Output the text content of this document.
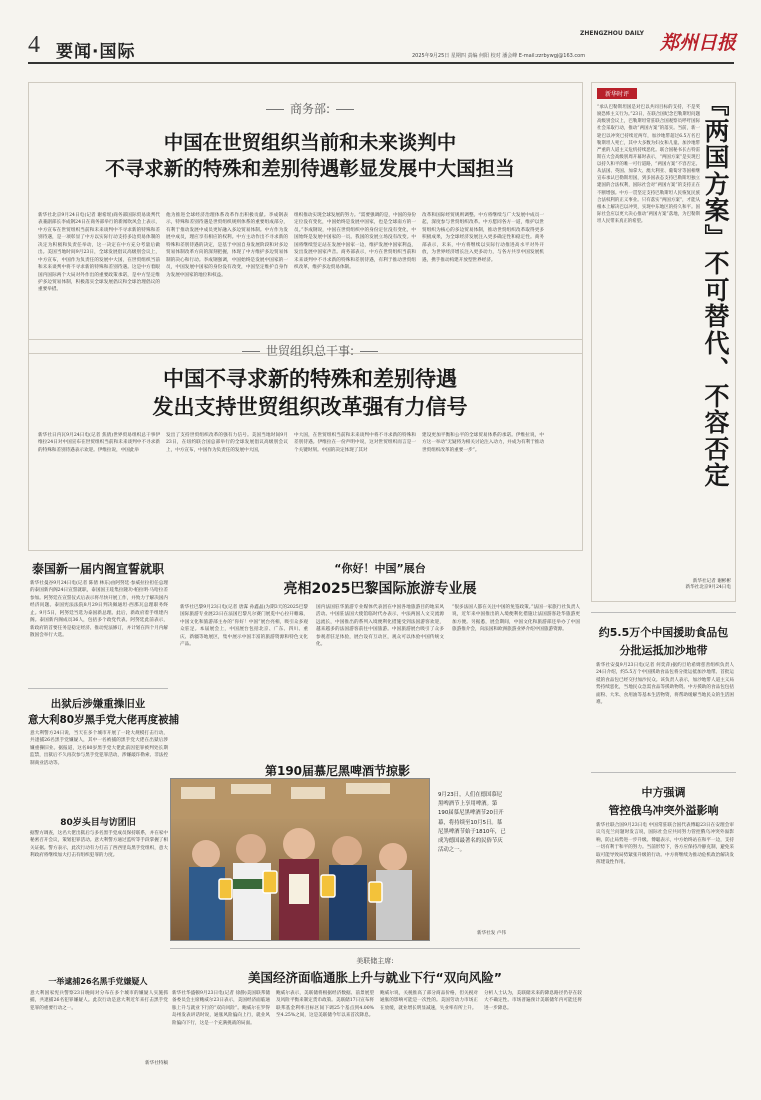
4 要闻·国际
ZHENGZHOU DAILY 郑州日报
2025年9月25日 星期四 责编 何阳 校对 潘会峰 E-mail:zzrbywgj@163.com
商务部:
中国在世贸组织当前和未来谈判中
不寻求新的特殊和差别待遇彰显发展中大国担当
新华社北京9月24日电(记者 谢希瑶)商务部国际贸易谈判代表兼副部长李成钢24日在商务部举行的新闻吹风会上表示，中方宣布在世贸组织当前和未来谈判中不寻求新的特殊和差别待遇，是一项彰显了中方以实际行动支持多边贸易体制的决定为积极和负责任举动，这一决定在中方充分考量后做出。美国当地时间9月23日，全球发展倡议高级别会议上，中方宣布，中国作为负责任的发展中大国，在世贸组织当前和未来谈判中将不寻求新的特殊和差别待遇。这是中方着眼国内国际两个大局对外作出的重要政策承诺，是中方坚定维护多边贸易体制，积极落实全球发展倡议和全球治理倡议的重要举措。
他为推进全球经济治理体系改革作出积极贡献。李成钢表示，特殊和差别待遇是世贸组织规则体系的重要组成部分，有利于推动发展中成员更好融入多边贸易体制。中方作为发展中成员，理应享有相应的权利。中方主动作出不寻求新的特殊和差别待遇的决定，是基于中国自身发展阶段和对多边贸易体制改革方向的深刻把握，体现了中方维护多边贸易体制的决心和行动。李成钢强调，中国始终是发展中国家的一员，中国发展中国家的身份没有改变，中国坚定维护自身作为发展中国家的地位和权益。
组织推动实现全球发展的努力。“需要强调的是，中国的身份定位没有变化，中国始终是发展中国家，也是全球南方的一员。”李成钢说，中国在世贸组织中的身份定位没有变化，中国始终是发展中国家的一员。我国的发展立场没有改变。中国将继续坚定站在发展中国家一边，维护发展中国家利益，发出发展中国家声音。商务部表示，中方在世贸组织当前和未来谈判中不寻求新的特殊和差别待遇，有利于推动世贸组织改革，维护多边贸易体制。
改革和国际经贸规则调整。中方将继续与广大发展中成员一起，深度参与世贸组织改革。中方愿同各方一道，维护以世贸组织为核心的多边贸易体制，推动世贸组织改革取得更多积极成果，为全球经济发展注入更多确定性和稳定性。商务部表示，未来，中方将继续以实际行动推进高水平对外开放，为世界经济增长注入更多动力，与各方共享中国发展机遇，携手推动构建开放型世界经济。
世贸组织总干事:
中国不寻求新的特殊和差别待遇
发出支持世贸组织改革强有力信号
新华社日内瓦9月24日电(记者 焦倩)世界贸易组织总干事伊维拉24日对中国宣布在世贸组织当前和未来谈判中不寻求新的特殊和差别待遇表示欢迎。伊维拉说，中国此举
发出了支持世贸组织改革的强有力信号。美国当地时间9月23日，在纽约联合国总部举行的全球发展倡议高级别会议上，中方宣布，中国作为负责任的发展中大国，
中大国，在世贸组织当前和未来谈判中将不寻求新的特殊和差别待遇。伊维拉在一份声明中说，这对世贸组织而言是一个关键时刻。中国的决定体现了其对
建设更加平衡和公平的全球贸易体系的承诺。伊维拉说，中方这一举动“无疑将为相关讨论注入动力，并成为有利于推动世贸组织改革的重要一步”。
新华时评	﹃
两
国
方
案
﹄
不
可
替
代
︑
不
容
否
定
“承认巴勒斯坦国是对巴以共同目标的支持，不是奖励恐怖主义行为。”23日，在联合国纪念巴勒斯坦问题高级别会议上，巴勒斯坦常驻联合国观察员呼吁国际社会采取行动，推动“两国方案”的落实。当前，新一轮巴以冲突已持续近两年，加沙地带超过6.5万名巴勒斯坦人死亡，其中大多数为妇女和儿童。加沙地带严重的人道主义危机持续恶化。联合国秘书长古特雷斯在大会高级别周开幕时表示，“两国方案”是实现巴以持久和平的唯一可行道路，“两国方案”不容否定。从法国、英国、加拿大、澳大利亚、葡萄牙等国相继宣布承认巴勒斯坦国，到多国表态支持巴勒斯坦独立建国的合法权利，国际社会对“两国方案”的支持正在不断增强。中方一贯坚定支持巴勒斯坦人民恢复民族合法权利的正义事业。只有落实“两国方案”，才能从根本上解决巴以冲突，实现中东地区的持久和平。国际社会应以更大决心推动“两国方案”落地，为巴勒斯坦人民带来真正的希望。
新华社记者 谢彬彬
新华社北京9月24日电
泰国新一届内阁宣誓就职
新华社曼谷9月24日电(记者 陈倩 林东)由阿努廷·参威拉拉担任总理的泰国新内阁24日宣誓就职，泰国国王哇集拉隆功·帕拉明·马哈拉差参加。阿努廷在宣誓仪式后表示将尽快开展工作，并致力于解决国内经济问题。泰国宪法法院8月29日判决佩通坦·西那瓦总理职务终止。9月5日，阿努廷当选为泰国新总理。此后，新政府着手组建内阁。泰国新内阁成员36人，包括多个政党代表。阿努廷此前表示，新政府的首要任务是稳定经济、推动宪法修订，并计划在四个月内解散国会举行大选。
“你好！中国”展台
亮相2025巴黎国际旅游专业展
新华社巴黎9月23日电(记者 唐霁 孙鑫晶)为期3天的2025巴黎国际旅游专业展23日在法国巴黎凡尔赛门展览中心拉开帷幕，中国文化和旅游部主办的“你好！中国”展台亮相，吸引众多观众驻足。本届展会上，中国展台包括北京、广东、四川、重庆、新疆等地展区，集中展示中国丰富的旅游资源和特色文化产品。
国内法国驻华旅游专业媒体代表团在中国各地旅游目的地采风活动。中国驻法国大使馆临时代办表示，中法两国人文交流源远流长，中国推出的系列入境便利化措施受到法国游客欢迎，越来越多的法国游客前往中国旅游。中国旅游展台吸引了众多参观者驻足体验，展台设有互动区，观众可以体验中国传统文化。
“很多法国人都在关注中国的免签政策。”法国一家旅行社负责人说，近年来中国推出的入境便利化措施让法国游客赴华旅游更加方便。另据悉，展会期间，中国文化和旅游部还举办了中国旅游推介会，向法国和欧洲旅游业界介绍中国旅游资源。	约5.5万个中国援助食品包
分批运抵加沙地带
新华社安曼9月23日电(记者 何奕萍)据约旦哈希姆慈善组织负责人24日介绍，约5.5万个中国援助食品包将分批运抵加沙地带。首批运抵的食品包已经交付加沙民众。该负责人表示，加沙地带人道主义局势持续恶化，当地民众急需食品等援助物资。中方援助的食品包包括面粉、大米、食用油等基本生活物资，将帮助缓解当地民众的生活困难。
中方强调
管控俄乌冲突外溢影响
新华社联合国9月23日电 中国常驻联合国代表傅聪23日在安理会审议乌克兰问题时发言说，国际社会应共同努力管控俄乌冲突外溢影响，防止局势进一步升级。傅聪表示，中方始终站在和平一边，支持一切有利于和平的努力。当前形势下，各方应保持冷静克制，避免采取可能导致局势紧张升级的行动。中方将继续为推动危机政治解决发挥建设性作用。
出狱后涉嫌重操旧业
意大利80岁黑手党大佬再度被捕
意大利警方24日说，当天在多个城市开展了一轮大规模打击行动，共逮捕26名黑手党嫌疑人，其中一名被捕的黑手党大佬在出狱后涉嫌重操旧业。据报道，这名80岁黑手党大佬此前因犯罪被判处长期监禁，出狱后不久再次参与黑手党犯罪活动，涉嫌敲诈勒索、非法控制商业活动等。
80岁头目与访团旧
据警方调查，这名大佬出狱后与多名黑手党成员保持联系，并在家中秘密召开会议，策划犯罪活动。意大利警方通过监听等手段掌握了相关证据。警方表示，此次行动有力打击了西西里岛黑手党组织，意大利政府将继续加大打击有组织犯罪的力度。
一举逮捕26名黑手党嫌疑人
意大利国家宪兵警察23日晚间对分布在多个城市的嫌疑人实施抓捕，共逮捕26名犯罪嫌疑人。此次行动是意大利近年来打击黑手党犯罪的重要行动之一。
新华社特稿
第190届慕尼黑啤酒节掠影
9月23日，人们在德国慕尼黑啤酒节上享用啤酒。第190届慕尼黑啤酒节20日开幕，将持续至10月5日。慕尼黑啤酒节始于1810年，已成为德国最著名的民俗节庆活动之一。
新华社发 卢伟
美联储主席:
美国经济面临通胀上升与就业下行“双向风险”
新华社华盛顿9月23日电(记者 徐静)美国联邦储备委员会主席鲍威尔23日表示，美国经济面临通胀上升与就业下行的“双向风险”。鲍威尔在罗得岛州发表讲话时说，通胀风险偏向上行，就业风险偏向下行，这是一个充满挑战的局面。
鲍威尔表示，美联储将根据经济数据、前景展望及风险平衡来制定货币政策。美联储17日宣布将联邦基金利率目标区间下调25个基点到4.00%至4.25%之间，这是美联储今年以来首次降息。
鲍威尔说，关税推高了部分商品价格，但关税对通胀的影响可能是一次性的。美国劳动力市场正在放缓，就业增长明显减速，失业率有所上升。
分析人士认为，美联储未来的降息路径仍存在较大不确定性。市场普遍预计美联储年内可能还将进一步降息。
